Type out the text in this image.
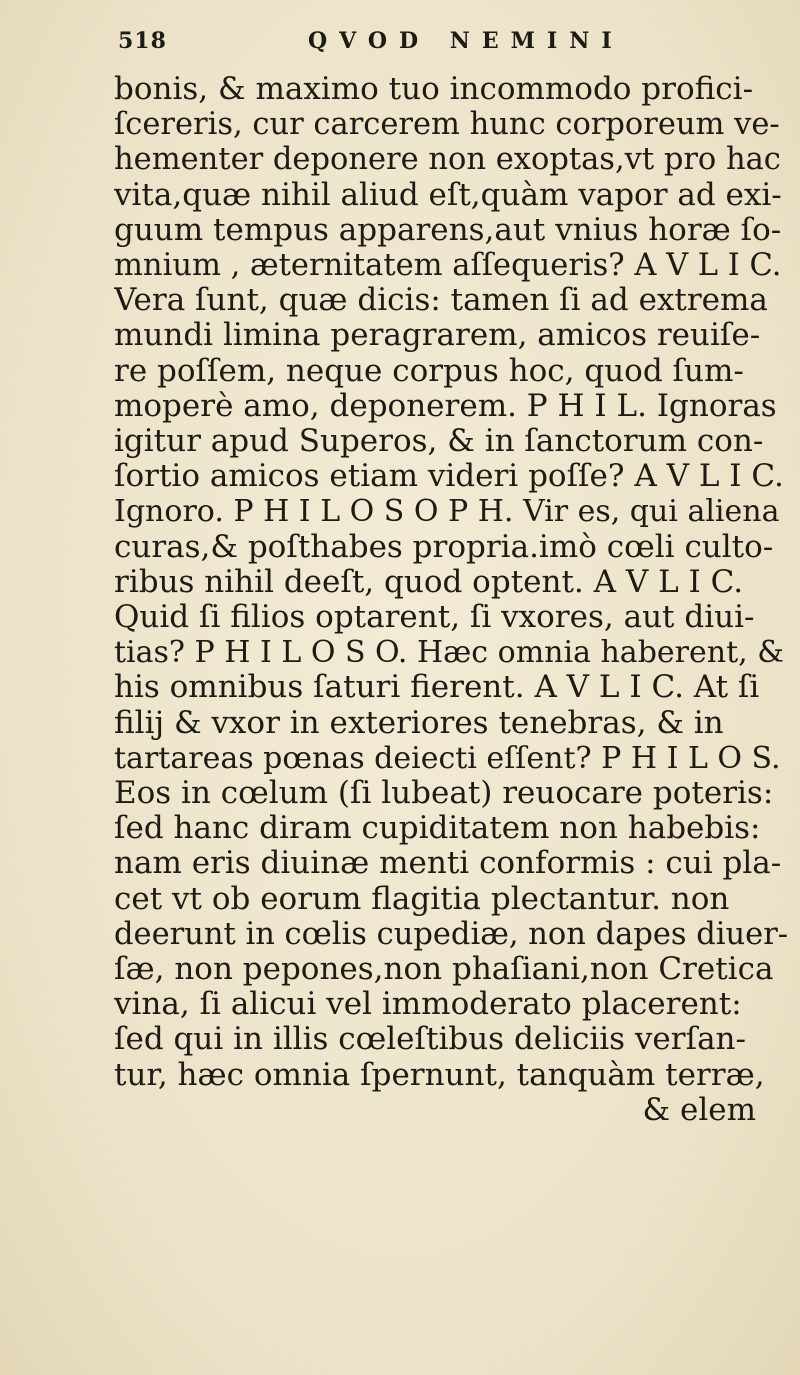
518	QVOD NEMINI
bonis, & maximo tuo incommodo profici-
ſcereris, cur carcerem hunc corporeum ve-
hementer deponere non exoptas,vt pro hac
vita,quæ nihil aliud eſt,quàm vapor ad exi-
guum tempus apparens,aut vnius horæ ſo-
mnium , æternitatem aſſequeris? A V L I C.
Vera ſunt, quæ dicis: tamen ſi ad extrema
mundi limina peragrarem, amicos reuiſe-
re poſſem, neque corpus hoc, quod ſum-
moperè amo, deponerem. P H I L. Ignoras
igitur apud Superos, & in ſanctorum con-
ſortio amicos etiam videri poſſe? A V L I C.
Ignoro. P H I L O S O P H. Vir es, qui aliena
curas,& poſthabes propria.imò cœli culto-
ribus nihil deeſt, quod optent. A V L I C.
Quid ſi filios optarent, ſi vxores, aut diui-
tias? P H I L O S O. Hæc omnia haberent, &
his omnibus ſaturi fierent. A V L I C. At ſi
filij & vxor in exteriores tenebras, & in
tartareas pœnas deiecti eſſent? P H I L O S.
Eos in cœlum (ſi lubeat) reuocare poteris:
ſed hanc diram cupiditatem non habebis:
nam eris diuinæ menti conformis : cui pla-
cet vt ob eorum flagitia plectantur. non
deerunt in cœlis cupediæ, non dapes diuer-
ſæ, non pepones,non phaſiani,non Cretica
vina, ſi alicui vel immoderato placerent:
ſed qui in illis cœleſtibus deliciis verſan-
tur, hæc omnia ſpernunt, tanquàm terræ,
& elem
